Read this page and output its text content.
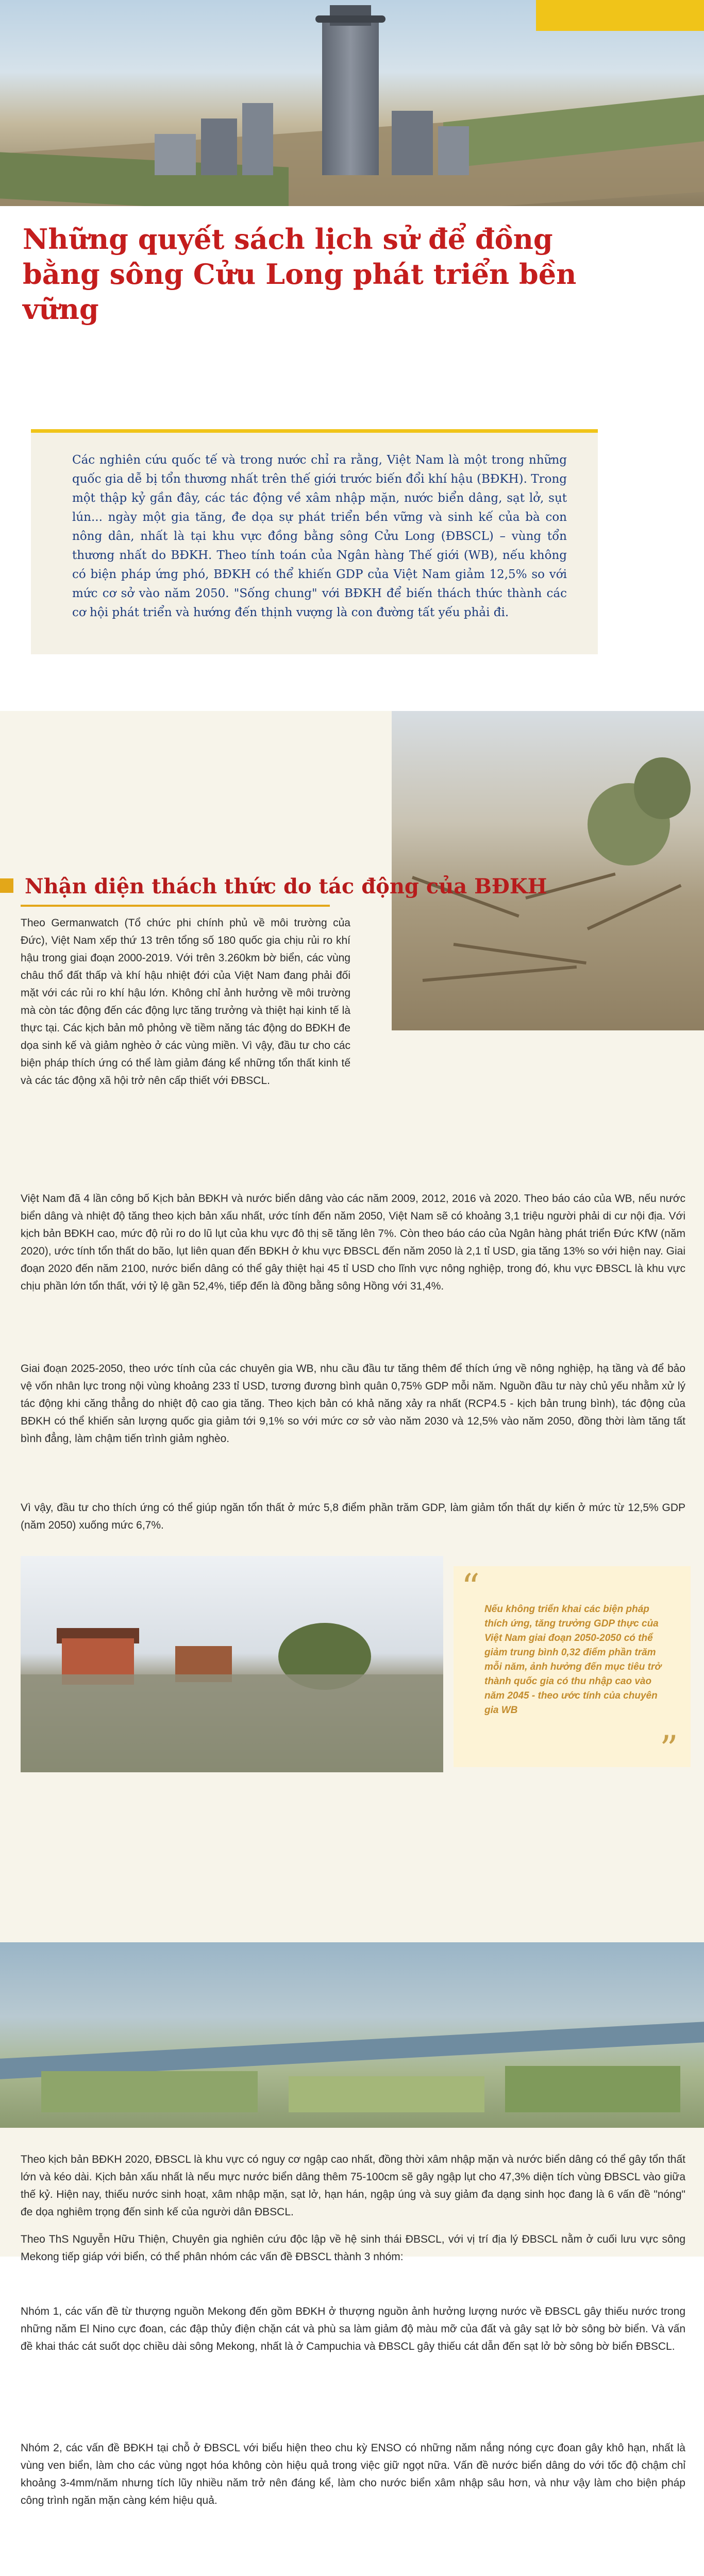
Những quyết sách lịch sử để đồng bằng sông Cửu Long phát triển bền vững

Các nghiên cứu quốc tế và trong nước chỉ ra rằng, Việt Nam là một trong những quốc gia dễ bị tổn thương nhất trên thế giới trước biến đổi khí hậu (BĐKH). Trong một thập kỷ gần đây, các tác động về xâm nhập mặn, nước biển dâng, sạt lở, sụt lún... ngày một gia tăng, đe dọa sự phát triển bền vững và sinh kế của bà con nông dân, nhất là tại khu vực đồng bằng sông Cửu Long (ĐBSCL) – vùng tổn thương nhất do BĐKH. Theo tính toán của Ngân hàng Thế giới (WB), nếu không có biện pháp ứng phó, BĐKH có thể khiến GDP của Việt Nam giảm 12,5% so với mức cơ sở vào năm 2050. "Sống chung" với BĐKH để biến thách thức thành các cơ hội phát triển và hướng đến thịnh vượng là con đường tất yếu phải đi.

Nhận diện thách thức do tác động của BĐKH

Theo Germanwatch (Tổ chức phi chính phủ về môi trường của Đức), Việt Nam xếp thứ 13 trên tổng số 180 quốc gia chịu rủi ro khí hậu trong giai đoạn 2000-2019. Với trên 3.260km bờ biển, các vùng châu thổ đất thấp và khí hậu nhiệt đới của Việt Nam đang phải đối mặt với các rủi ro khí hậu lớn. Không chỉ ảnh hưởng về môi trường mà còn tác động đến các động lực tăng trưởng và thiệt hại kinh tế là thực tại. Các kịch bản mô phỏng về tiềm năng tác động do BĐKH đe dọa sinh kế và giảm nghèo ở các vùng miền. Vì vậy, đầu tư cho các biện pháp thích ứng có thể làm giảm đáng kể những tổn thất kinh tế và các tác động xã hội trở nên cấp thiết với ĐBSCL.

Việt Nam đã 4 lần công bố Kịch bản BĐKH và nước biển dâng vào các năm 2009, 2012, 2016 và 2020. Theo báo cáo của WB, nếu nước biển dâng và nhiệt độ tăng theo kịch bản xấu nhất, ước tính đến năm 2050, Việt Nam sẽ có khoảng 3,1 triệu người phải di cư nội địa. Với kịch bản BĐKH cao, mức độ rủi ro do lũ lụt của khu vực đô thị sẽ tăng lên 7%. Còn theo báo cáo của Ngân hàng phát triển Đức KfW (năm 2020), ước tính tổn thất do bão, lụt liên quan đến BĐKH ở khu vực ĐBSCL đến năm 2050 là 2,1 tỉ USD, gia tăng 13% so với hiện nay. Giai đoạn 2020 đến năm 2100, nước biển dâng có thể gây thiệt hại 45 tỉ USD cho lĩnh vực nông nghiệp, trong đó, khu vực ĐBSCL là khu vực chịu phần lớn tổn thất, với tỷ lệ gần 52,4%, tiếp đến là đồng bằng sông Hồng với 31,4%.

Giai đoạn 2025-2050, theo ước tính của các chuyên gia WB, nhu cầu đầu tư tăng thêm để thích ứng về nông nghiệp, hạ tầng và để bảo vệ vốn nhân lực trong nội vùng khoảng 233 tỉ USD, tương đương bình quân 0,75% GDP mỗi năm. Nguồn đầu tư này chủ yếu nhằm xử lý tác động khi căng thẳng do nhiệt độ cao gia tăng. Theo kịch bản có khả năng xảy ra nhất (RCP4.5 - kịch bản trung bình), tác động của BĐKH có thể khiến sản lượng quốc gia giảm tới 9,1% so với mức cơ sở vào năm 2030 và 12,5% vào năm 2050, đồng thời làm tăng tất bình đẳng, làm chậm tiến trình giảm nghèo.

Vì vậy, đầu tư cho thích ứng có thể giúp ngăn tổn thất ở mức 5,8 điểm phần trăm GDP, làm giảm tổn thất dự kiến ở mức từ 12,5% GDP (năm 2050) xuống mức 6,7%.

“

Nếu không triển khai các biện pháp thích ứng, tăng trưởng GDP thực của Việt Nam giai đoạn 2050-2050 có thể giảm trung bình 0,32 điểm phần trăm mỗi năm, ảnh hưởng đến mục tiêu trở thành quốc gia có thu nhập cao vào năm 2045 - theo ước tính của chuyên gia WB

”

Theo kịch bản BĐKH 2020, ĐBSCL là khu vực có nguy cơ ngập cao nhất, đồng thời xâm nhập mặn và nước biển dâng có thể gây tổn thất lớn và kéo dài. Kịch bản xấu nhất là nếu mực nước biển dâng thêm 75-100cm sẽ gây ngập lụt cho 47,3% diện tích vùng ĐBSCL vào giữa thế kỷ. Hiện nay, thiếu nước sinh hoạt, xâm nhập mặn, sạt lở, hạn hán, ngập úng và suy giảm đa dạng sinh học đang là 6 vấn đề "nóng" đe dọa nghiêm trọng đến sinh kế của người dân ĐBSCL.

Theo ThS Nguyễn Hữu Thiện, Chuyên gia nghiên cứu độc lập về hệ sinh thái ĐBSCL, với vị trí địa lý ĐBSCL nằm ở cuối lưu vực sông Mekong tiếp giáp với biển, có thể phân nhóm các vấn đề ĐBSCL thành 3 nhóm:

Nhóm 1, các vấn đề từ thượng nguồn Mekong đến gồm BĐKH ở thượng nguồn ảnh hưởng lượng nước về ĐBSCL gây thiếu nước trong những năm El Nino cực đoan, các đập thủy điện chặn cát và phù sa làm giảm độ màu mỡ của đất và gây sạt lở bờ sông bờ biển. Và vấn đề khai thác cát suốt dọc chiều dài sông Mekong, nhất là ở Campuchia và ĐBSCL gây thiếu cát dẫn đến sạt lở bờ sông bờ biển ĐBSCL.

Nhóm 2, các vấn đề BĐKH tại chỗ ở ĐBSCL với biểu hiện theo chu kỳ ENSO có những năm nắng nóng cực đoan gây khô hạn, nhất là vùng ven biển, làm cho các vùng ngọt hóa không còn hiệu quả trong việc giữ ngọt nữa. Vấn đề nước biển dâng do với tốc độ chậm chỉ khoảng 3-4mm/năm nhưng tích lũy nhiều năm trở nên đáng kể, làm cho nước biển xâm nhập sâu hơn, và như vậy làm cho biện pháp công trình ngăn mặn càng kém hiệu quả.
